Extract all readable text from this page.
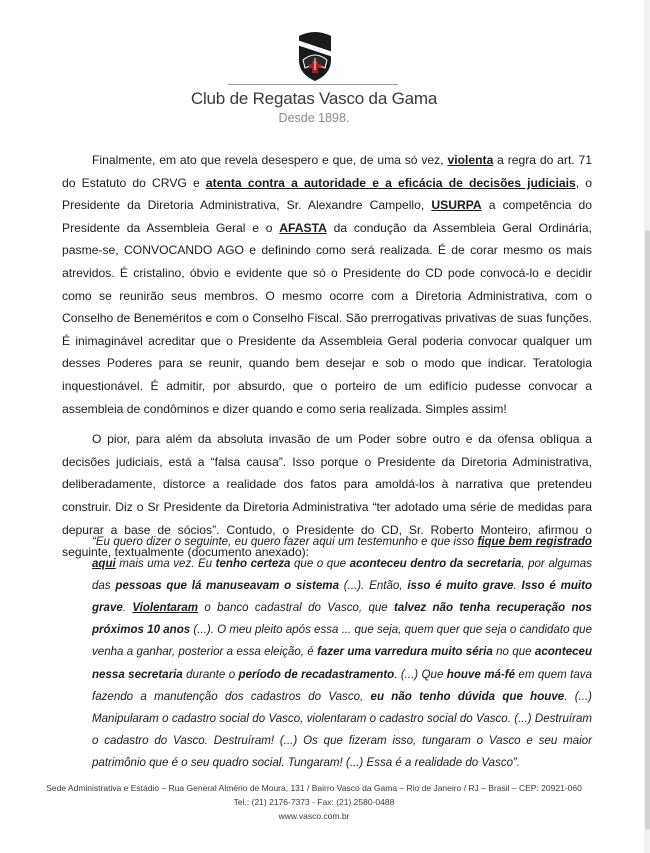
Club de Regatas Vasco da Gama
Desde 1898.

Finalmente, em ato que revela desespero e que, de uma só vez, violenta a regra do art. 71 do Estatuto do CRVG e atenta contra a autoridade e a eficácia de decisões judiciais, o Presidente da Diretoria Administrativa, Sr. Alexandre Campello, USURPA a competência do Presidente da Assembleia Geral e o AFASTA da condução da Assembleia Geral Ordinária, pasme-se, CONVOCANDO AGO e definindo como será realizada. É de corar mesmo os mais atrevidos. É cristalino, óbvio e evidente que só o Presidente do CD pode convocá-lo e decidir como se reunirão seus membros. O mesmo ocorre com a Diretoria Administrativa, com o Conselho de Beneméritos e com o Conselho Fiscal. São prerrogativas privativas de suas funções. É inimaginável acreditar que o Presidente da Assembleia Geral poderia convocar qualquer um desses Poderes para se reunir, quando bem desejar e sob o modo que indicar. Teratologia inquestionável. É admitir, por absurdo, que o porteiro de um edifício pudesse convocar a assembleia de condôminos e dizer quando e como seria realizada. Simples assim!

O pior, para além da absoluta invasão de um Poder sobre outro e da ofensa oblíqua a decisões judiciais, está a “falsa causa”. Isso porque o Presidente da Diretoria Administrativa, deliberadamente, distorce a realidade dos fatos para amoldá-los à narrativa que pretendeu construir. Diz o Sr Presidente da Diretoria Administrativa “ter adotado uma série de medidas para depurar a base de sócios”. Contudo, o Presidente do CD, Sr. Roberto Monteiro, afirmou o seguinte, textualmente (documento anexado):

“Eu quero dizer o seguinte, eu quero fazer aqui um testemunho e que isso fique bem registrado aqui mais uma vez. Eu tenho certeza que o que aconteceu dentro da secretaria, por algumas das pessoas que lá manuseavam o sistema (...). Então, isso é muito grave. Isso é muito grave. Violentaram o banco cadastral do Vasco, que talvez não tenha recuperação nos próximos 10 anos (...). O meu pleito após essa ... que seja, quem quer que seja o candidato que venha a ganhar, posterior a essa eleição, é fazer uma varredura muito séria no que aconteceu nessa secretaria durante o período de recadastramento. (...) Que houve má-fé em quem tava fazendo a manutenção dos cadastros do Vasco, eu não tenho dúvida que houve. (...) Manipularam o cadastro social do Vasco, violentaram o cadastro social do Vasco. (...) Destruíram o cadastro do Vasco. Destruíram! (...) Os que fizeram isso, tungaram o Vasco e seu maior patrimônio que é o seu quadro social. Tungaram! (...) Essa é a realidade do Vasco”.

Sede Administrativa e Estádio – Rua General Almério de Moura, 131 / Bairro Vasco da Gama – Rio de Janeiro / RJ – Brasil – CEP: 20921-060
Tel.: (21) 2176-7373 - Fax: (21) 2580-0488
www.vasco.com.br
